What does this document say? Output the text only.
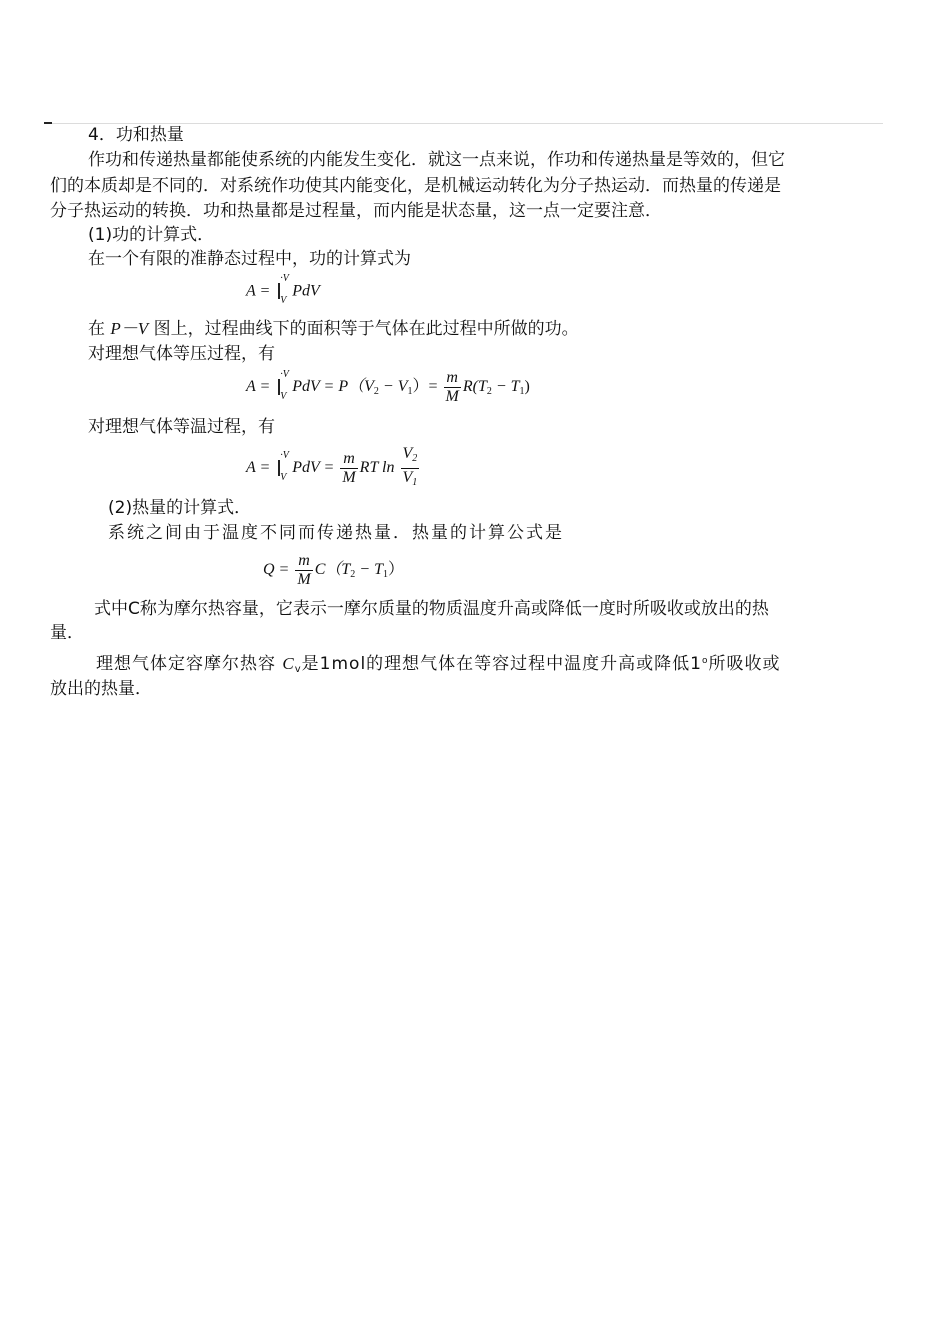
4．功和热量
作功和传递热量都能使系统的内能发生变化．就这一点来说，作功和传递热量是等效的，但它
们的本质却是不同的．对系统作功使其内能变化，是机械运动转化为分子热运动．而热量的传递是
分子热运动的转换．功和热量都是过程量，而内能是状态量，这一点一定要注意．
(1)功的计算式．
在一个有限的准静态过程中，功的计算式为
A =
·V
V
PdV
在 P－V 图上，过程曲线下的面积等于气体在此过程中所做的功。
对理想气体等压过程，有
A =
·V
V
PdV = $P(V_2 - V_1)= \frac{m}{M} R(T_2 - T_1)$
对理想气体等温过程，有
A =
·V
V
PdV = $\frac{m}{M}$ RT $\ln \frac{V_2}{V_1}$
(2)热量的计算式．
系统之间由于温度不同而传递热量．热量的计算公式是
$Q = \frac{m}{M} C(T_2 - T_1)$
式中C称为摩尔热容量，它表示一摩尔质量的物质温度升高或降低一度时所吸收或放出的热
量．
理想气体定容摩尔热容 $C_v$是1mol的理想气体在等容过程中温度升高或降低1$^o$所吸收或
放出的热量．
